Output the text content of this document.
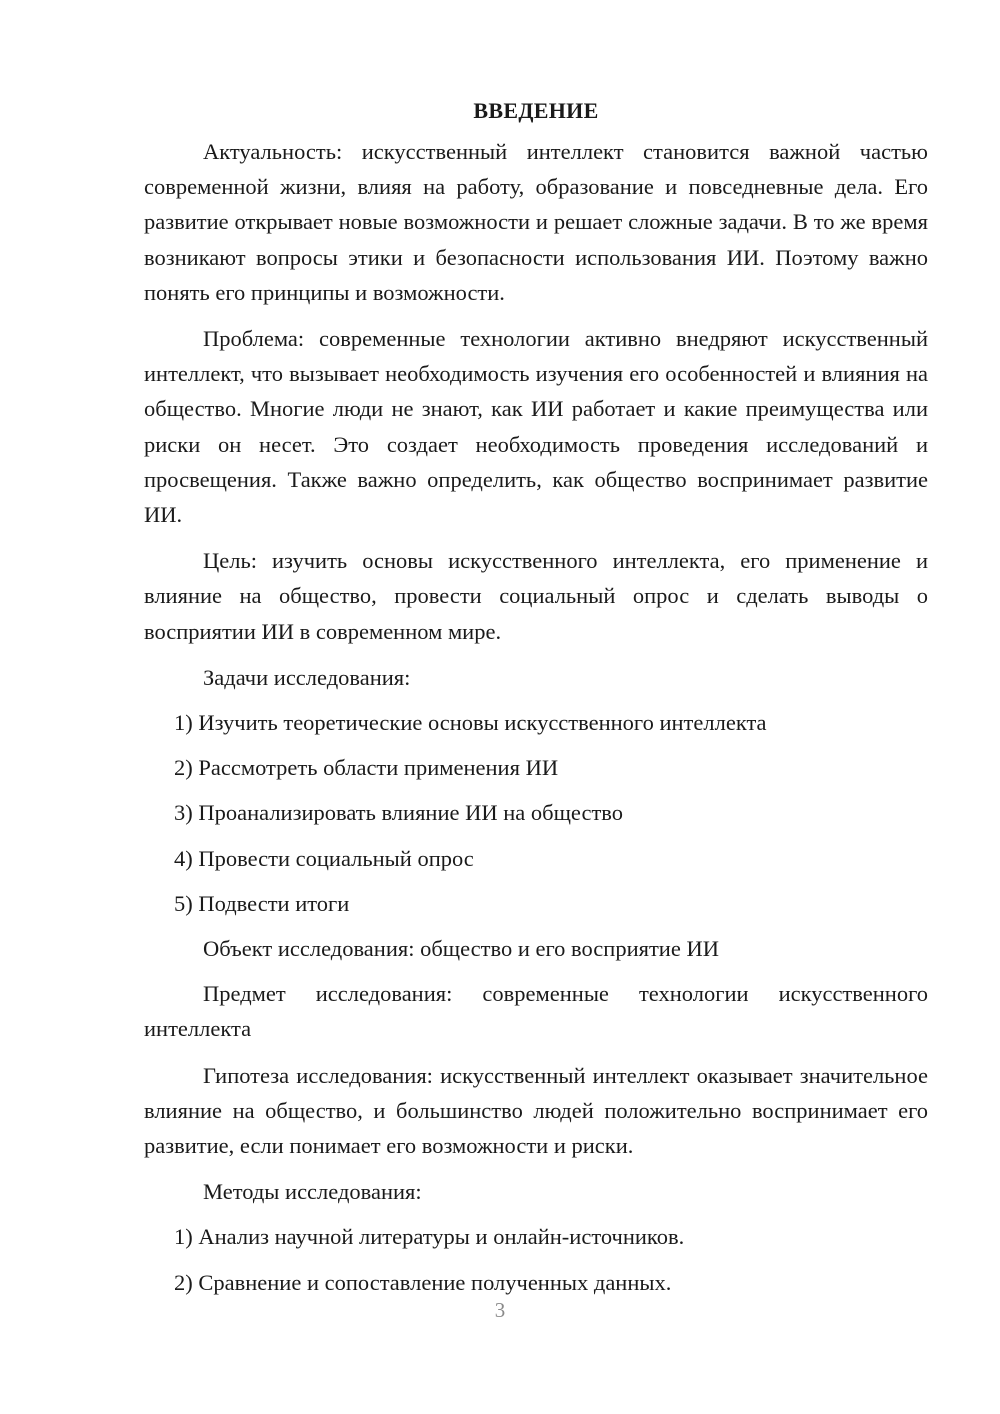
ВВЕДЕНИЕ

Актуальность: искусственный интеллект становится важной частью современной жизни, влияя на работу, образование и повседневные дела. Его развитие открывает новые возможности и решает сложные задачи. В то же время возникают вопросы этики и безопасности использования ИИ. Поэтому важно понять его принципы и возможности.

Проблема: современные технологии активно внедряют искусственный интеллект, что вызывает необходимость изучения его особенностей и влияния на общество. Многие люди не знают, как ИИ работает и какие преимущества или риски он несет. Это создает необходимость проведения исследований и просвещения. Также важно определить, как общество воспринимает развитие ИИ.

Цель: изучить основы искусственного интеллекта, его применение и влияние на общество, провести социальный опрос и сделать выводы о восприятии ИИ в современном мире.

Задачи исследования:

1) Изучить теоретические основы искусственного интеллекта

2) Рассмотреть области применения ИИ

3) Проанализировать влияние ИИ на общество

4) Провести социальный опрос

5) Подвести итоги

Объект исследования: общество и его восприятие ИИ

Предмет исследования: современные технологии искусственного интеллекта

Гипотеза исследования: искусственный интеллект оказывает значительное влияние на общество, и большинство людей положительно воспринимает его развитие, если понимает его возможности и риски.

Методы исследования:

1) Анализ научной литературы и онлайн-источников.

2) Сравнение и сопоставление полученных данных.

3
